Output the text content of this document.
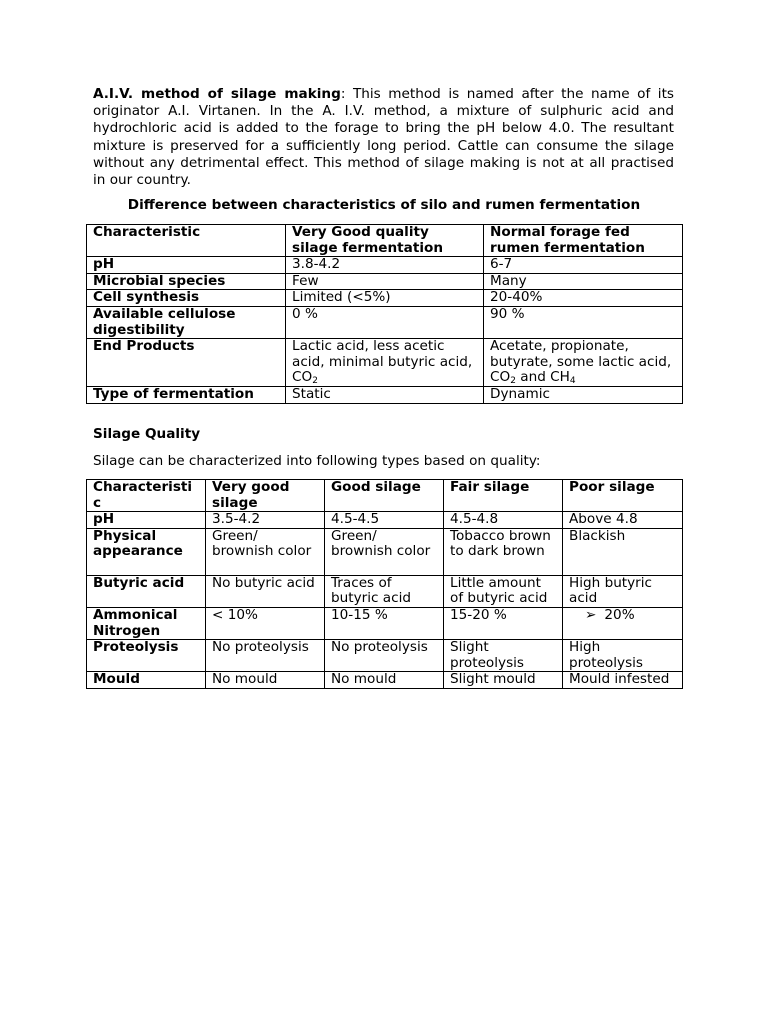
A.I.V. method of silage making: This method is named after the name of its originator A.I. Virtanen. In the A. I.V. method, a mixture of sulphuric acid and hydrochloric acid is added to the forage to bring the pH below 4.0. The resultant mixture is preserved for a sufficiently long period. Cattle can consume the silage without any detrimental effect. This method of silage making is not at all practised in our country.

Difference between characteristics of silo and rumen fermentation

Characteristic	Very Good quality silage fermentation	Normal forage fed rumen fermentation
pH	3.8-4.2	6-7
Microbial species	Few	Many
Cell synthesis	Limited (<5%)	20-40%
Available cellulose digestibility	0 %	90 %
End Products	Lactic acid, less acetic acid, minimal butyric acid, $CO_2$	Acetate, propionate, butyrate, some lactic acid, $CO_2$ and $CH_4$
Type of fermentation	Static	Dynamic

Silage Quality

Silage can be characterized into following types based on quality:

Characteristi c	Very good silage	Good silage	Fair silage	Poor silage
pH	3.5-4.2	4.5-4.5	4.5-4.8	Above 4.8
Physical appearance	Green/ brownish color	Green/ brownish color	Tobacco brown to dark brown	Blackish
Butyric acid	No butyric acid	Traces of butyric acid	Little amount of butyric acid	High butyric acid
Ammonical Nitrogen	< 10%	10-15 %	15-20 %	➢ 20%
Proteolysis	No proteolysis	No proteolysis	Slight proteolysis	High proteolysis
Mould	No mould	No mould	Slight mould	Mould infested
